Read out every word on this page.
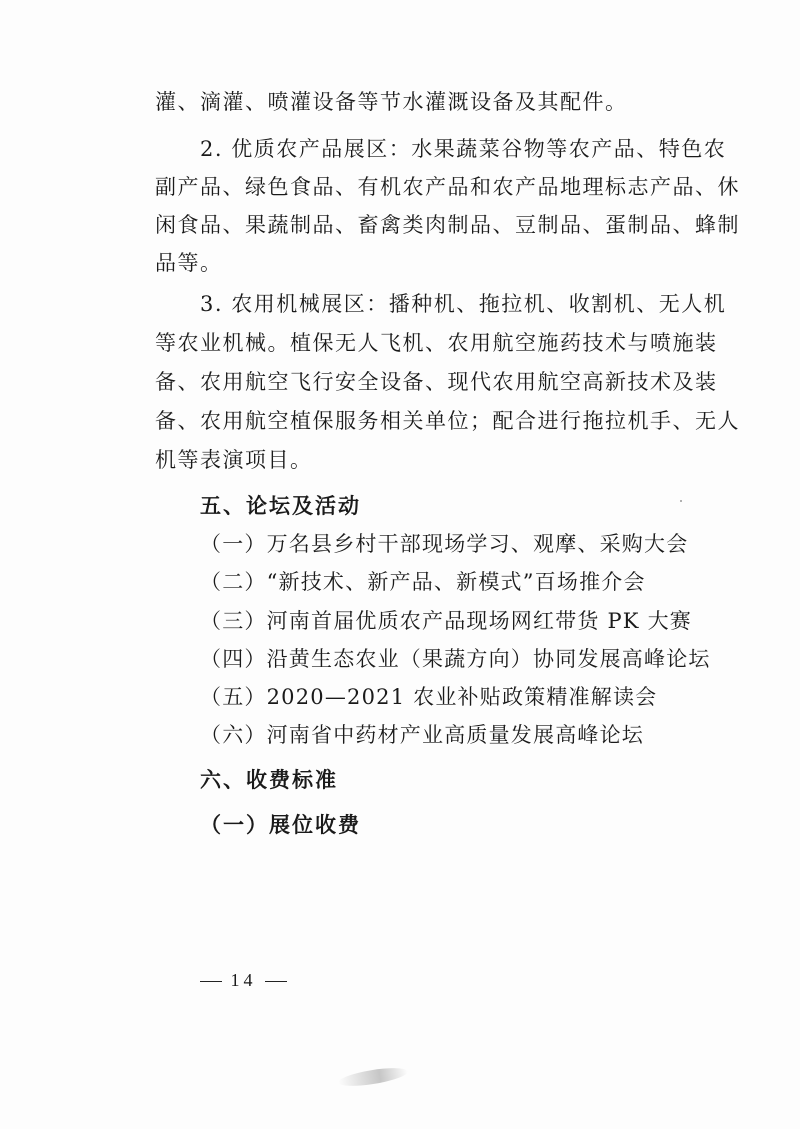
灌、滴灌、喷灌设备等节水灌溉设备及其配件。
2. 优质农产品展区：水果蔬菜谷物等农产品、特色农
副产品、绿色食品、有机农产品和农产品地理标志产品、休
闲食品、果蔬制品、畜禽类肉制品、豆制品、蛋制品、蜂制
品等。
3. 农用机械展区：播种机、拖拉机、收割机、无人机
等农业机械。植保无人飞机、农用航空施药技术与喷施装
备、农用航空飞行安全设备、现代农用航空高新技术及装
备、农用航空植保服务相关单位；配合进行拖拉机手、无人
机等表演项目。
五、论坛及活动
（一）万名县乡村干部现场学习、观摩、采购大会
（二）“新技术、新产品、新模式”百场推介会
（三）河南首届优质农产品现场网红带货 PK 大赛
（四）沿黄生态农业（果蔬方向）协同发展高峰论坛
（五）2020—2021 农业补贴政策精准解读会
（六）河南省中药材产业高质量发展高峰论坛
六、收费标准
（一）展位收费
14
